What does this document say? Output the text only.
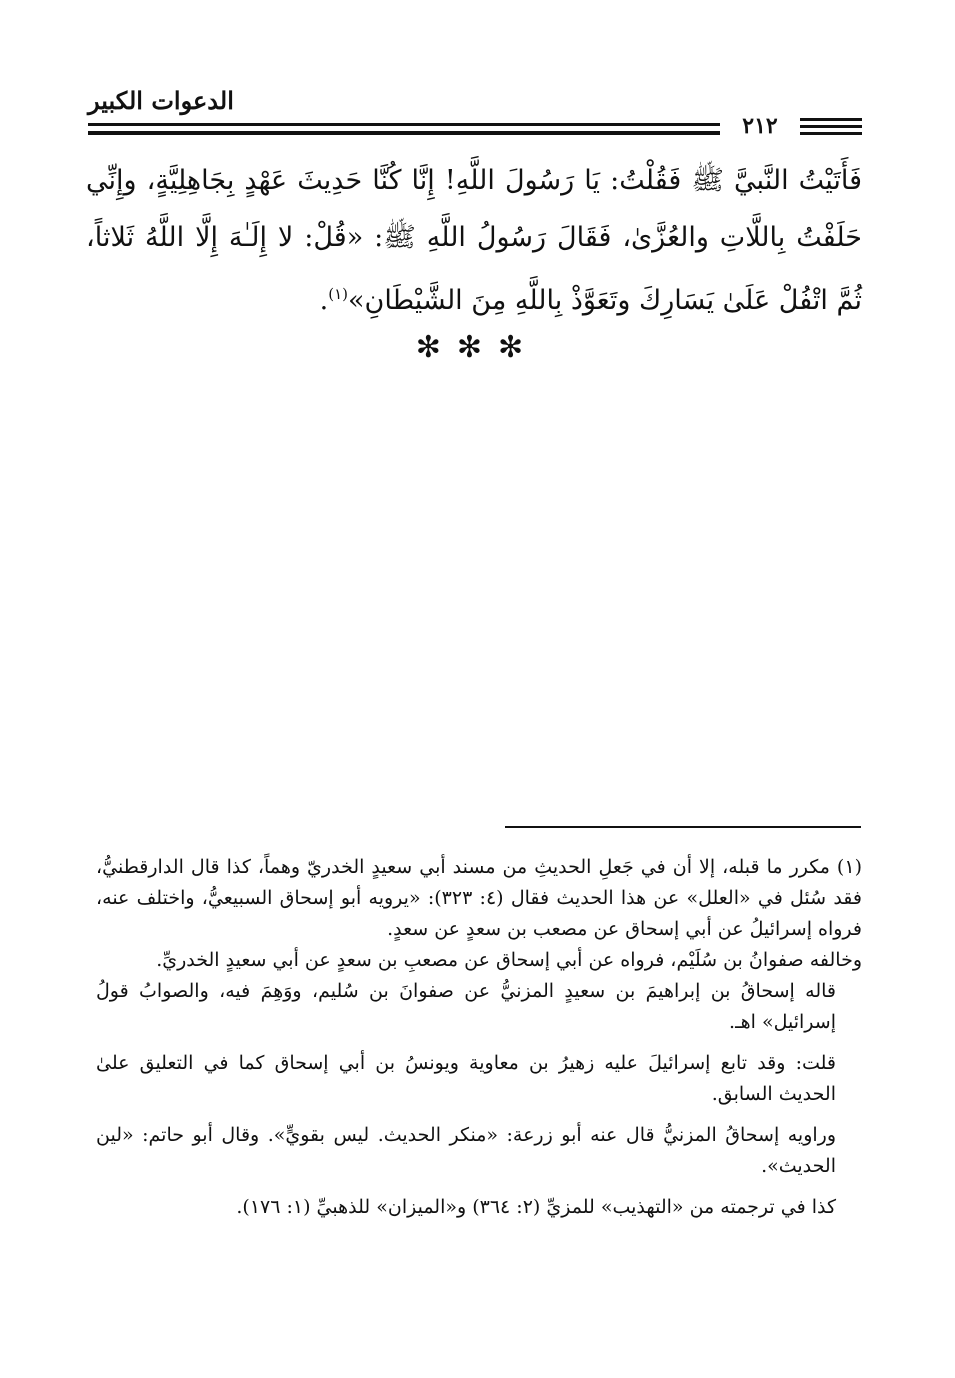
الدعوات الكبير
٢١٢

فَأَتَيْتُ النَّبيَّ ﷺ فَقُلْتُ: يَا رَسُولَ اللَّهِ! إِنَّا كُنَّا حَدِيثَ عَهْدٍ بِجَاهِلِيَّةٍ، وإِنِّي حَلَفْتُ بِاللَّاتِ والعُزَّىٰ، فَقَالَ رَسُولُ اللَّهِ ﷺ: «قُلْ: لا إِلَـٰهَ إِلَّا اللَّهُ ثَلاثاً، ثُمَّ اتْفُلْ عَلَىٰ يَسَارِكَ وتَعَوَّذْ بِاللَّهِ مِنَ الشَّيْطَانِ»$^{(١)}$.

✻✻✻

(١) مكرر ما قبله، إلا أن في جَعلِ الحديثِ من مسند أبي سعيدٍ الخدريّ وهماً، كذا قال الدارقطنيُّ، فقد سُئل في «العلل» عن هذا الحديث فقال (٤: ٣٢٣): «يرويه أبو إسحاق السبيعيُّ، واختلف عنه، فرواه إسرائيلُ عن أبي إسحاق عن مصعب بن سعدٍ عن سعدٍ.

وخالفه صفوانُ بن سُلَيْم، فرواه عن أبي إسحاق عن مصعبِ بن سعدٍ عن أبي سعيدٍ الخدريِّ.

قاله إسحاقُ بن إبراهيمَ بن سعيدٍ المزنيُّ عن صفوانَ بن سُليم، ووَهِمَ فيه، والصوابُ قولُ إسرائيل» اهـ.

قلت: وقد تابع إسرائيلَ عليه زهيرُ بن معاوية ويونسُ بن أبي إسحاق كما في التعليق علىٰ الحديث السابق.

وراويه إسحاقُ المزنيُّ قال عنه أبو زرعة: «منكر الحديث. ليس بقويٍّ». وقال أبو حاتم: «لين الحديث».

كذا في ترجمته من «التهذيب» للمزيِّ (٢: ٣٦٤) و«الميزان» للذهبيِّ (١: ١٧٦).
